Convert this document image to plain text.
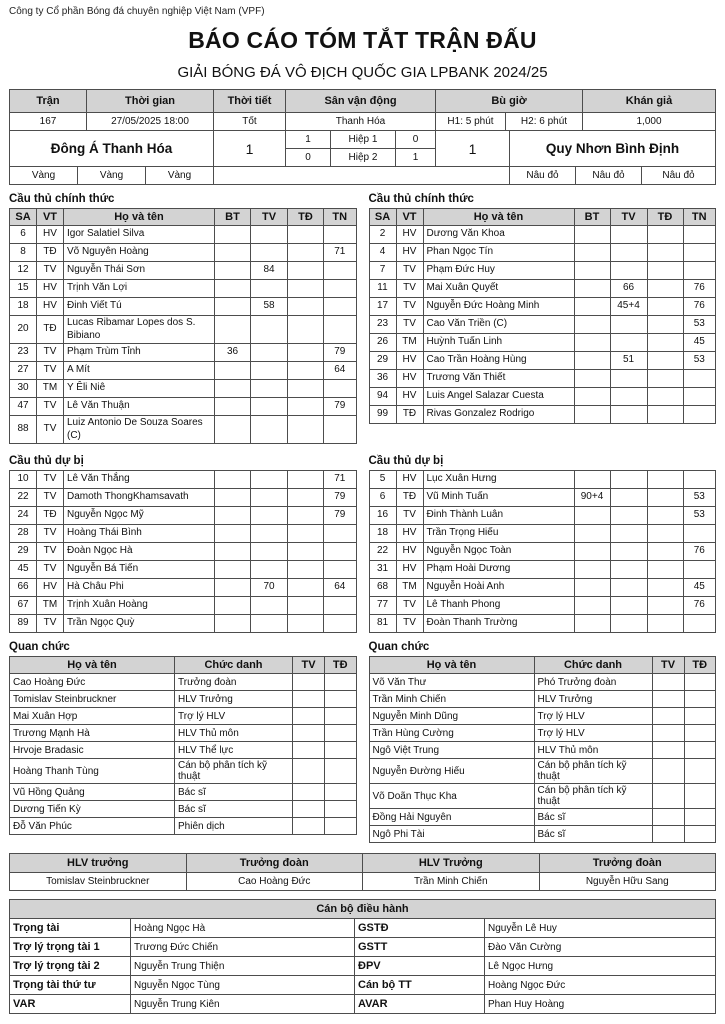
Công ty Cổ phần Bóng đá chuyên nghiệp Việt Nam (VPF)
BÁO CÁO TÓM TẮT TRẬN ĐẤU
GIẢI BÓNG ĐÁ VÔ ĐỊCH QUỐC GIA LPBANK 2024/25
Trận	Thời gian	Thời tiết	Sân vận động	Bù giờ		Khán giả
167	27/05/2025 18:00	Tốt	Thanh Hóa	H1: 5 phút	H2: 6 phút	1,000
Đông Á Thanh Hóa	1	1	Hiệp 1	0	1	Quy Nhơn Bình Định
		0	Hiệp 2	1		
Vàng	Vàng	Vàng		Nâu đỏ	Nâu đỏ	Nâu đỏ
Cầu thủ chính thức
SA	VT	Họ và tên	BT	TV	TĐ	TN
6	HV	Igor Salatiel Silva				
8	TĐ	Võ Nguyên Hoàng				71
12	TV	Nguyễn Thái Sơn		84		
15	HV	Trịnh Văn Lợi				
18	HV	Đinh Viết Tú		58		
20	TĐ	Lucas Ribamar Lopes dos S. Bibiano				
23	TV	Phạm Trùm Tỉnh	36			79
27	TV	A Mít				64
30	TM	Y Êli Niê				
47	TV	Lê Văn Thuận				79
88	TV	Luiz Antonio De Souza Soares (C)				
Cầu thủ chính thức
SA	VT	Họ và tên	BT	TV	TĐ	TN
2	HV	Dương Văn Khoa				
4	HV	Phan Ngọc Tín				
7	TV	Phạm Đức Huy				
11	TV	Mai Xuân Quyết		66		76
17	TV	Nguyễn Đức Hoàng Minh		45+4		76
23	TV	Cao Văn Triền (C)				53
26	TM	Huỳnh Tuấn Linh				45
29	HV	Cao Trần Hoàng Hùng		51		53
36	HV	Trương Văn Thiết				
94	HV	Luis Angel Salazar Cuesta				
99	TĐ	Rivas Gonzalez Rodrigo				
Cầu thủ dự bị
10	TV	Lê Văn Thắng				71
22	TV	Damoth ThongKhamsavath				79
24	TĐ	Nguyễn Ngọc Mỹ				79
28	TV	Hoàng Thái Bình				
29	TV	Đoàn Ngọc Hà				
45	TV	Nguyễn Bá Tiến				
66	HV	Hà Châu Phi		70		64
67	TM	Trịnh Xuân Hoàng				
89	TV	Trần Ngọc Quỳ				
Cầu thủ dự bị
5	HV	Lục Xuân Hưng				
6	TĐ	Vũ Minh Tuấn	90+4			53
16	TV	Đinh Thành Luân				53
18	HV	Trần Trọng Hiếu				
22	HV	Nguyễn Ngọc Toàn				76
31	HV	Phạm Hoài Dương				
68	TM	Nguyễn Hoài Anh				45
77	TV	Lê Thanh Phong				76
81	TV	Đoàn Thanh Trường				
Quan chức
Họ và tên	Chức danh	TV	TĐ
Cao Hoàng Đức	Trưởng đoàn		
Tomislav Steinbruckner	HLV Trưởng		
Mai Xuân Hợp	Trợ lý HLV		
Trương Mạnh Hà	HLV Thủ môn		
Hrvoje Bradasic	HLV Thể lực		
Hoàng Thanh Tùng	Cán bộ phân tích kỹ thuật		
Vũ Hồng Quảng	Bác sĩ		
Dương Tiến Kỳ	Bác sĩ		
Đỗ Văn Phúc	Phiên dịch		
Quan chức
Họ và tên	Chức danh	TV	TĐ
Võ Văn Thư	Phó Trưởng đoàn		
Trần Minh Chiến	HLV Trưởng		
Nguyễn Minh Dũng	Trợ lý HLV		
Trần Hùng Cường	Trợ lý HLV		
Ngô Việt Trung	HLV Thủ môn		
Nguyễn Đường Hiếu	Cán bộ phân tích kỹ thuật		
Võ Doãn Thục Kha	Cán bộ phân tích kỹ thuật		
Đồng Hải Nguyên	Bác sĩ		
Ngô Phi Tài	Bác sĩ		
HLV trưởng	Trưởng đoàn	HLV Trưởng	Trưởng đoàn
Tomislav Steinbruckner	Cao Hoàng Đức	Trần Minh Chiến	Nguyễn Hữu Sang
Cán bộ điều hành			
Trọng tài	Hoàng Ngọc Hà	GSTĐ	Nguyễn Lê Huy
Trợ lý trọng tài 1	Trương Đức Chiến	GSTT	Đào Văn Cường
Trợ lý trọng tài 2	Nguyễn Trung Thiện	ĐPV	Lê Ngọc Hưng
Trọng tài thứ tư	Nguyễn Ngọc Tùng	Cán bộ TT	Hoàng Ngọc Đức
VAR	Nguyễn Trung Kiên	AVAR	Phan Huy Hoàng
